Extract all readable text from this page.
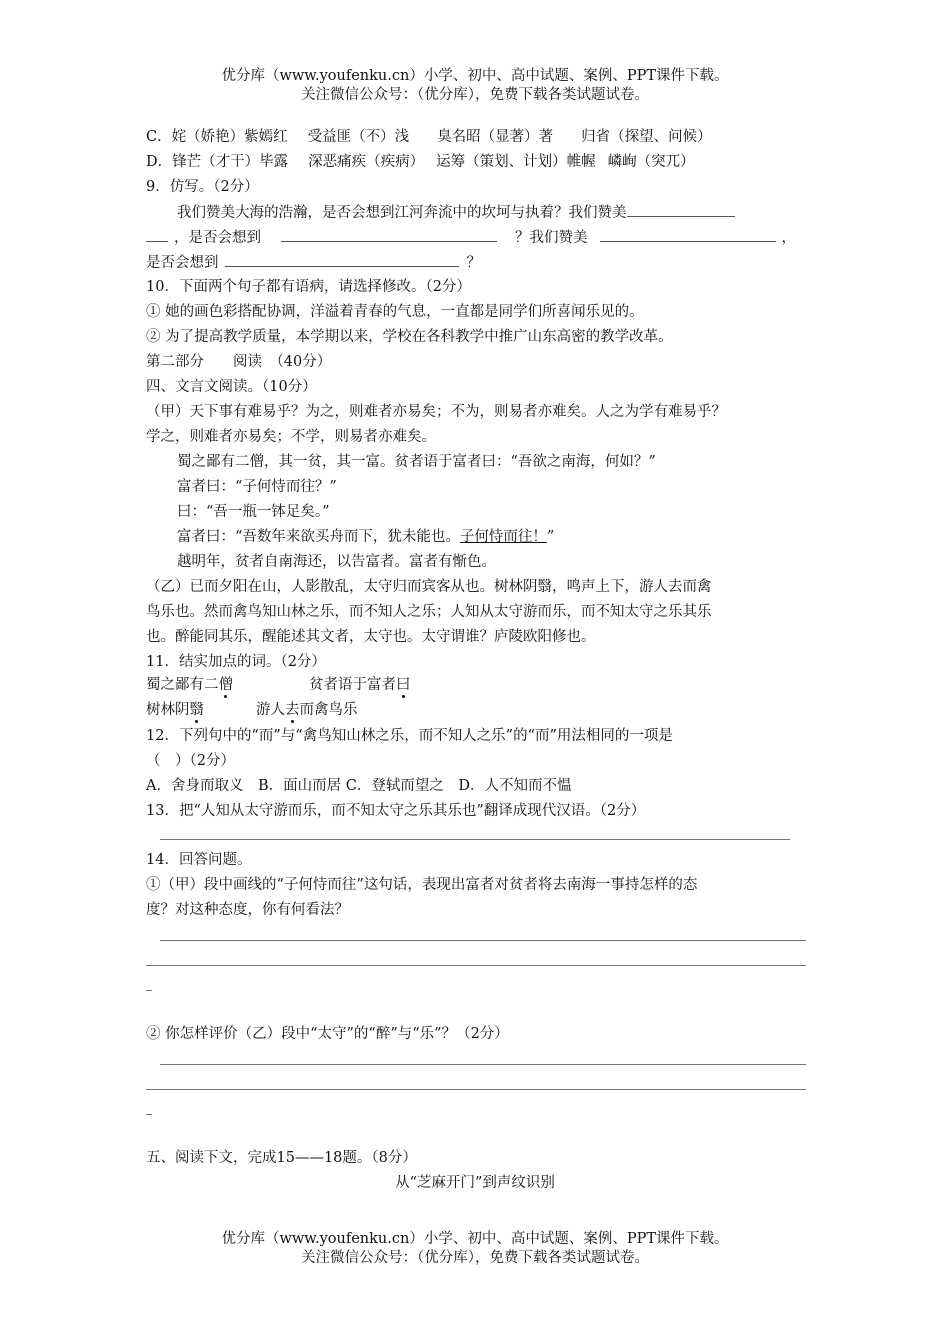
优分库（www.youfenku.cn）小学、初中、高中试题、案例、PPT课件下载。
关注微信公众号：（优分库），免费下载各类试题试卷。
C．姹（娇艳）紫嫣红 受益匪（不）浅 臭名昭（显著）著 归省（探望、问候）
D．锋芒（才干）毕露 深恶痛疾（疾病） 运筹（策划、计划）帷幄 嶙峋（突兀）
9．仿写。（2分）
我们赞美大海的浩瀚，是否会想到江河奔流中的坎坷与执着？我们赞美
，是否会想到	？我们赞美	，
是否会想到	？
10．下面两个句子都有语病，请选择修改。（2分）
① 她的画色彩搭配协调，洋溢着青春的气息，一直都是同学们所喜闻乐见的。
② 为了提高教学质量，本学期以来，学校在各科教学中推广山东高密的教学改革。
第二部分　　阅读　（40分）
四、文言文阅读。（10分）
（甲）天下事有难易乎？为之，则难者亦易矣；不为，则易者亦难矣。人之为学有难易乎？
学之，则难者亦易矣；不学，则易者亦难矣。
蜀之鄙有二僧，其一贫，其一富。贫者语于富者曰：“吾欲之南海，何如？”
富者曰：“子何恃而往？”
曰：“吾一瓶一钵足矣。”
富者曰：“吾数年来欲买舟而下，犹未能也。子何恃而往！”
越明年，贫者自南海还，以告富者。富者有惭色。
（乙）已而夕阳在山，人影散乱，太守归而宾客从也。树林阴翳，鸣声上下，游人去而禽
鸟乐也。然而禽鸟知山林之乐，而不知人之乐；人知从太守游而乐，而不知太守之乐其乐
也。醉能同其乐，醒能述其文者，太守也。太守谓谁？庐陵欧阳修也。
11．结实加点的词。（2分）
蜀之鄙有二僧	贫者语于富者曰
树林阴翳	游人去而禽鸟乐
12．下列句中的“而”与“禽鸟知山林之乐，而不知人之乐”的“而”用法相同的一项是
（　）（2分）
A．舍身而取义　B．面山而居 C．登轼而望之　D．人不知而不愠
13．把“人知从太守游而乐，而不知太守之乐其乐也”翻译成现代汉语。（2分）
14．回答问题。
①（甲）段中画线的“子何恃而往”这句话，表现出富者对贫者将去南海一事持怎样的态
度？对这种态度，你有何看法？
② 你怎样评价（乙）段中“太守”的“醉”与“乐”？（2分）
五、阅读下文，完成15——18题。（8分）
从“芝麻开门”到声纹识别
优分库（www.youfenku.cn）小学、初中、高中试题、案例、PPT课件下载。
关注微信公众号：（优分库），免费下载各类试题试卷。
